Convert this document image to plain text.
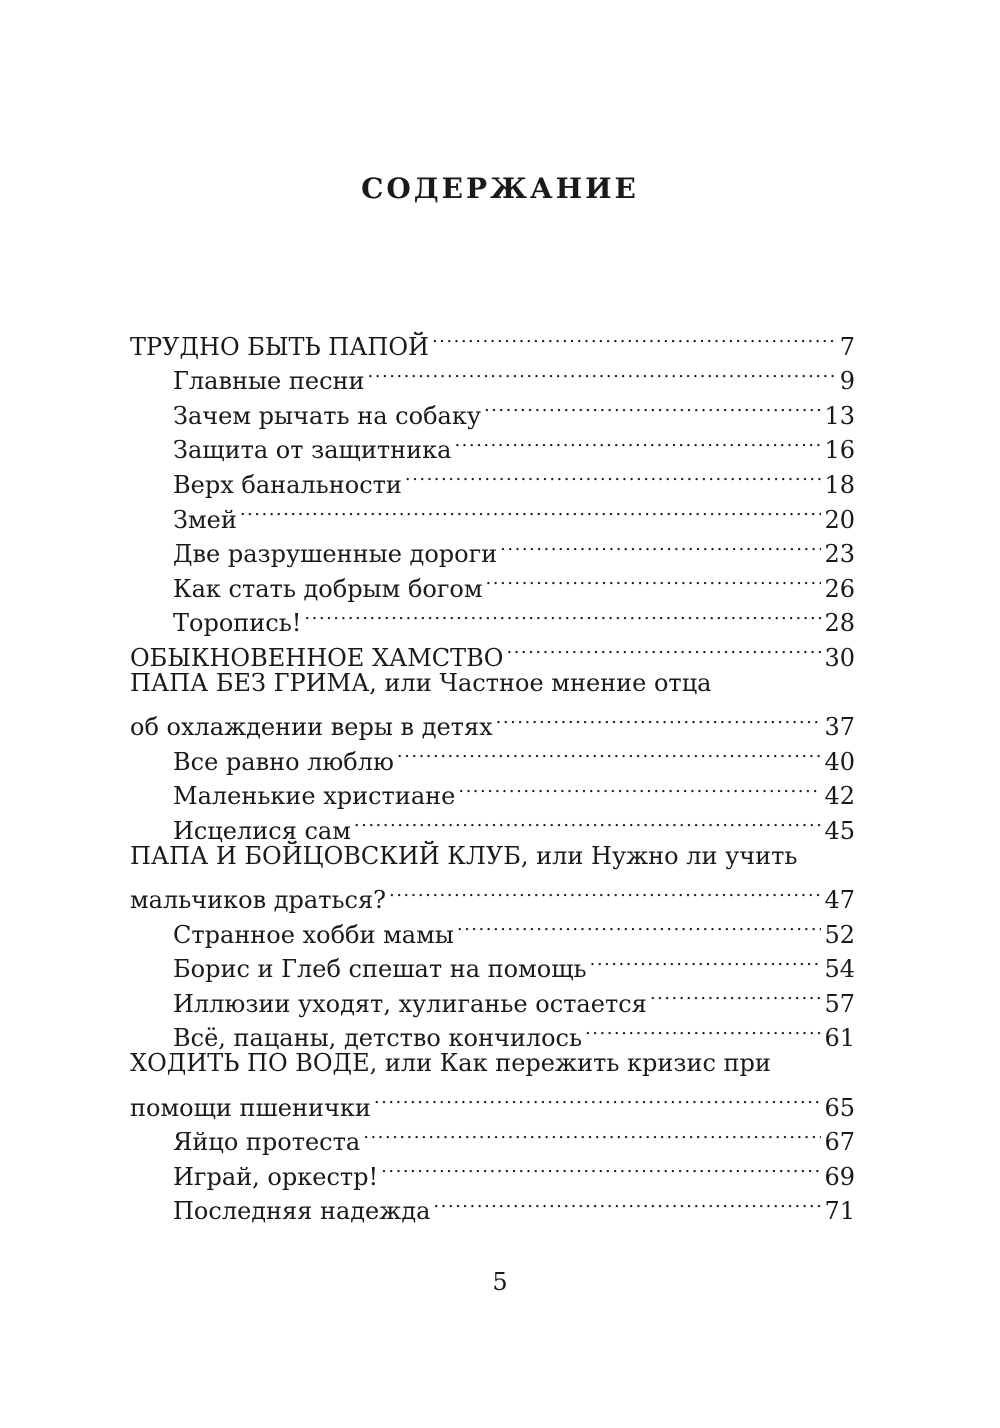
СОДЕРЖАНИЕ
ТРУДНО БЫТЬ ПАПОЙ .....	7
Главные песни .....	9
Зачем рычать на собаку .....	13
Защита от защитника .....	16
Верх банальности .....	18
Змей .....	20
Две разрушенные дороги .....	23
Как стать добрым богом .....	26
Торопись! .....	28
ОБЫКНОВЕННОЕ ХАМСТВО .....	30
ПАПА БЕЗ ГРИМА, или Частное мнение отца
об охлаждении веры в детях .....	37
Все равно люблю .....	40
Маленькие христиане .....	42
Исцелися сам .....	45
ПАПА И БОЙЦОВСКИЙ КЛУБ, или Нужно ли учить
мальчиков драться? .....	47
Странное хобби мамы .....	52
Борис и Глеб спешат на помощь .....	54
Иллюзии уходят, хулиганье остается .....	57
Всё, пацаны, детство кончилось .....	61
ХОДИТЬ ПО ВОДЕ, или Как пережить кризис при
помощи пшенички .....	65
Яйцо протеста .....	67
Играй, оркестр! .....	69
Последняя надежда .....	71

5
